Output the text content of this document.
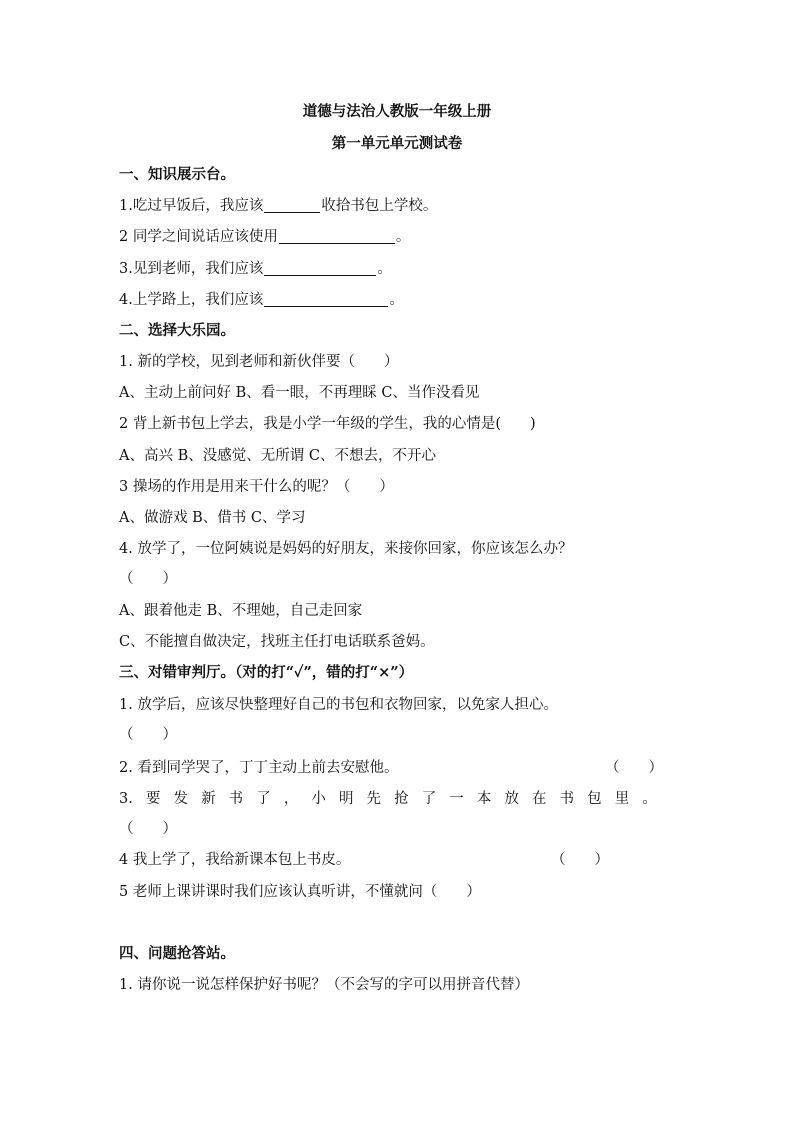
道德与法治人教版一年级上册
第一单元单元测试卷
一、知识展示台。
1.吃过早饭后，我应该	收拾书包上学校。
2 同学之间说话应该使用	。
3.见到老师，我们应该	。
4.上学路上，我们应该	。
二、选择大乐园。
1. 新的学校，见到老师和新伙伴要（　　）
A、主动上前问好 B、看一眼，不再理睬 C、当作没看见
2 背上新书包上学去，我是小学一年级的学生，我的心情是(　　)
A、高兴 B、没感觉、无所谓 C、不想去，不开心
3 操场的作用是用来干什么的呢？（　　）
A、做游戏 B、借书 C、学习
4. 放学了，一位阿姨说是妈妈的好朋友，来接你回家，你应该怎么办？
（　　）
A、跟着他走 B、不理她，自己走回家
C、不能擅自做决定，找班主任打电话联系爸妈。
三、对错审判厅。（对的打“✓”，错的打“×”）
1. 放学后，应该尽快整理好自己的书包和衣物回家，以免家人担心。
（　　）
2. 看到同学哭了，丁丁主动上前去安慰他。	（　　）
3. 要 发 新 书 了 ， 小 明 先 抢 了 一 本 放 在 书 包 里 。
（　　）
4 我上学了，我给新课本包上书皮。	（　　）
5 老师上课讲课时我们应该认真听讲，不懂就问（　　）
四、问题抢答站。
1. 请你说一说怎样保护好书呢？（不会写的字可以用拼音代替）
